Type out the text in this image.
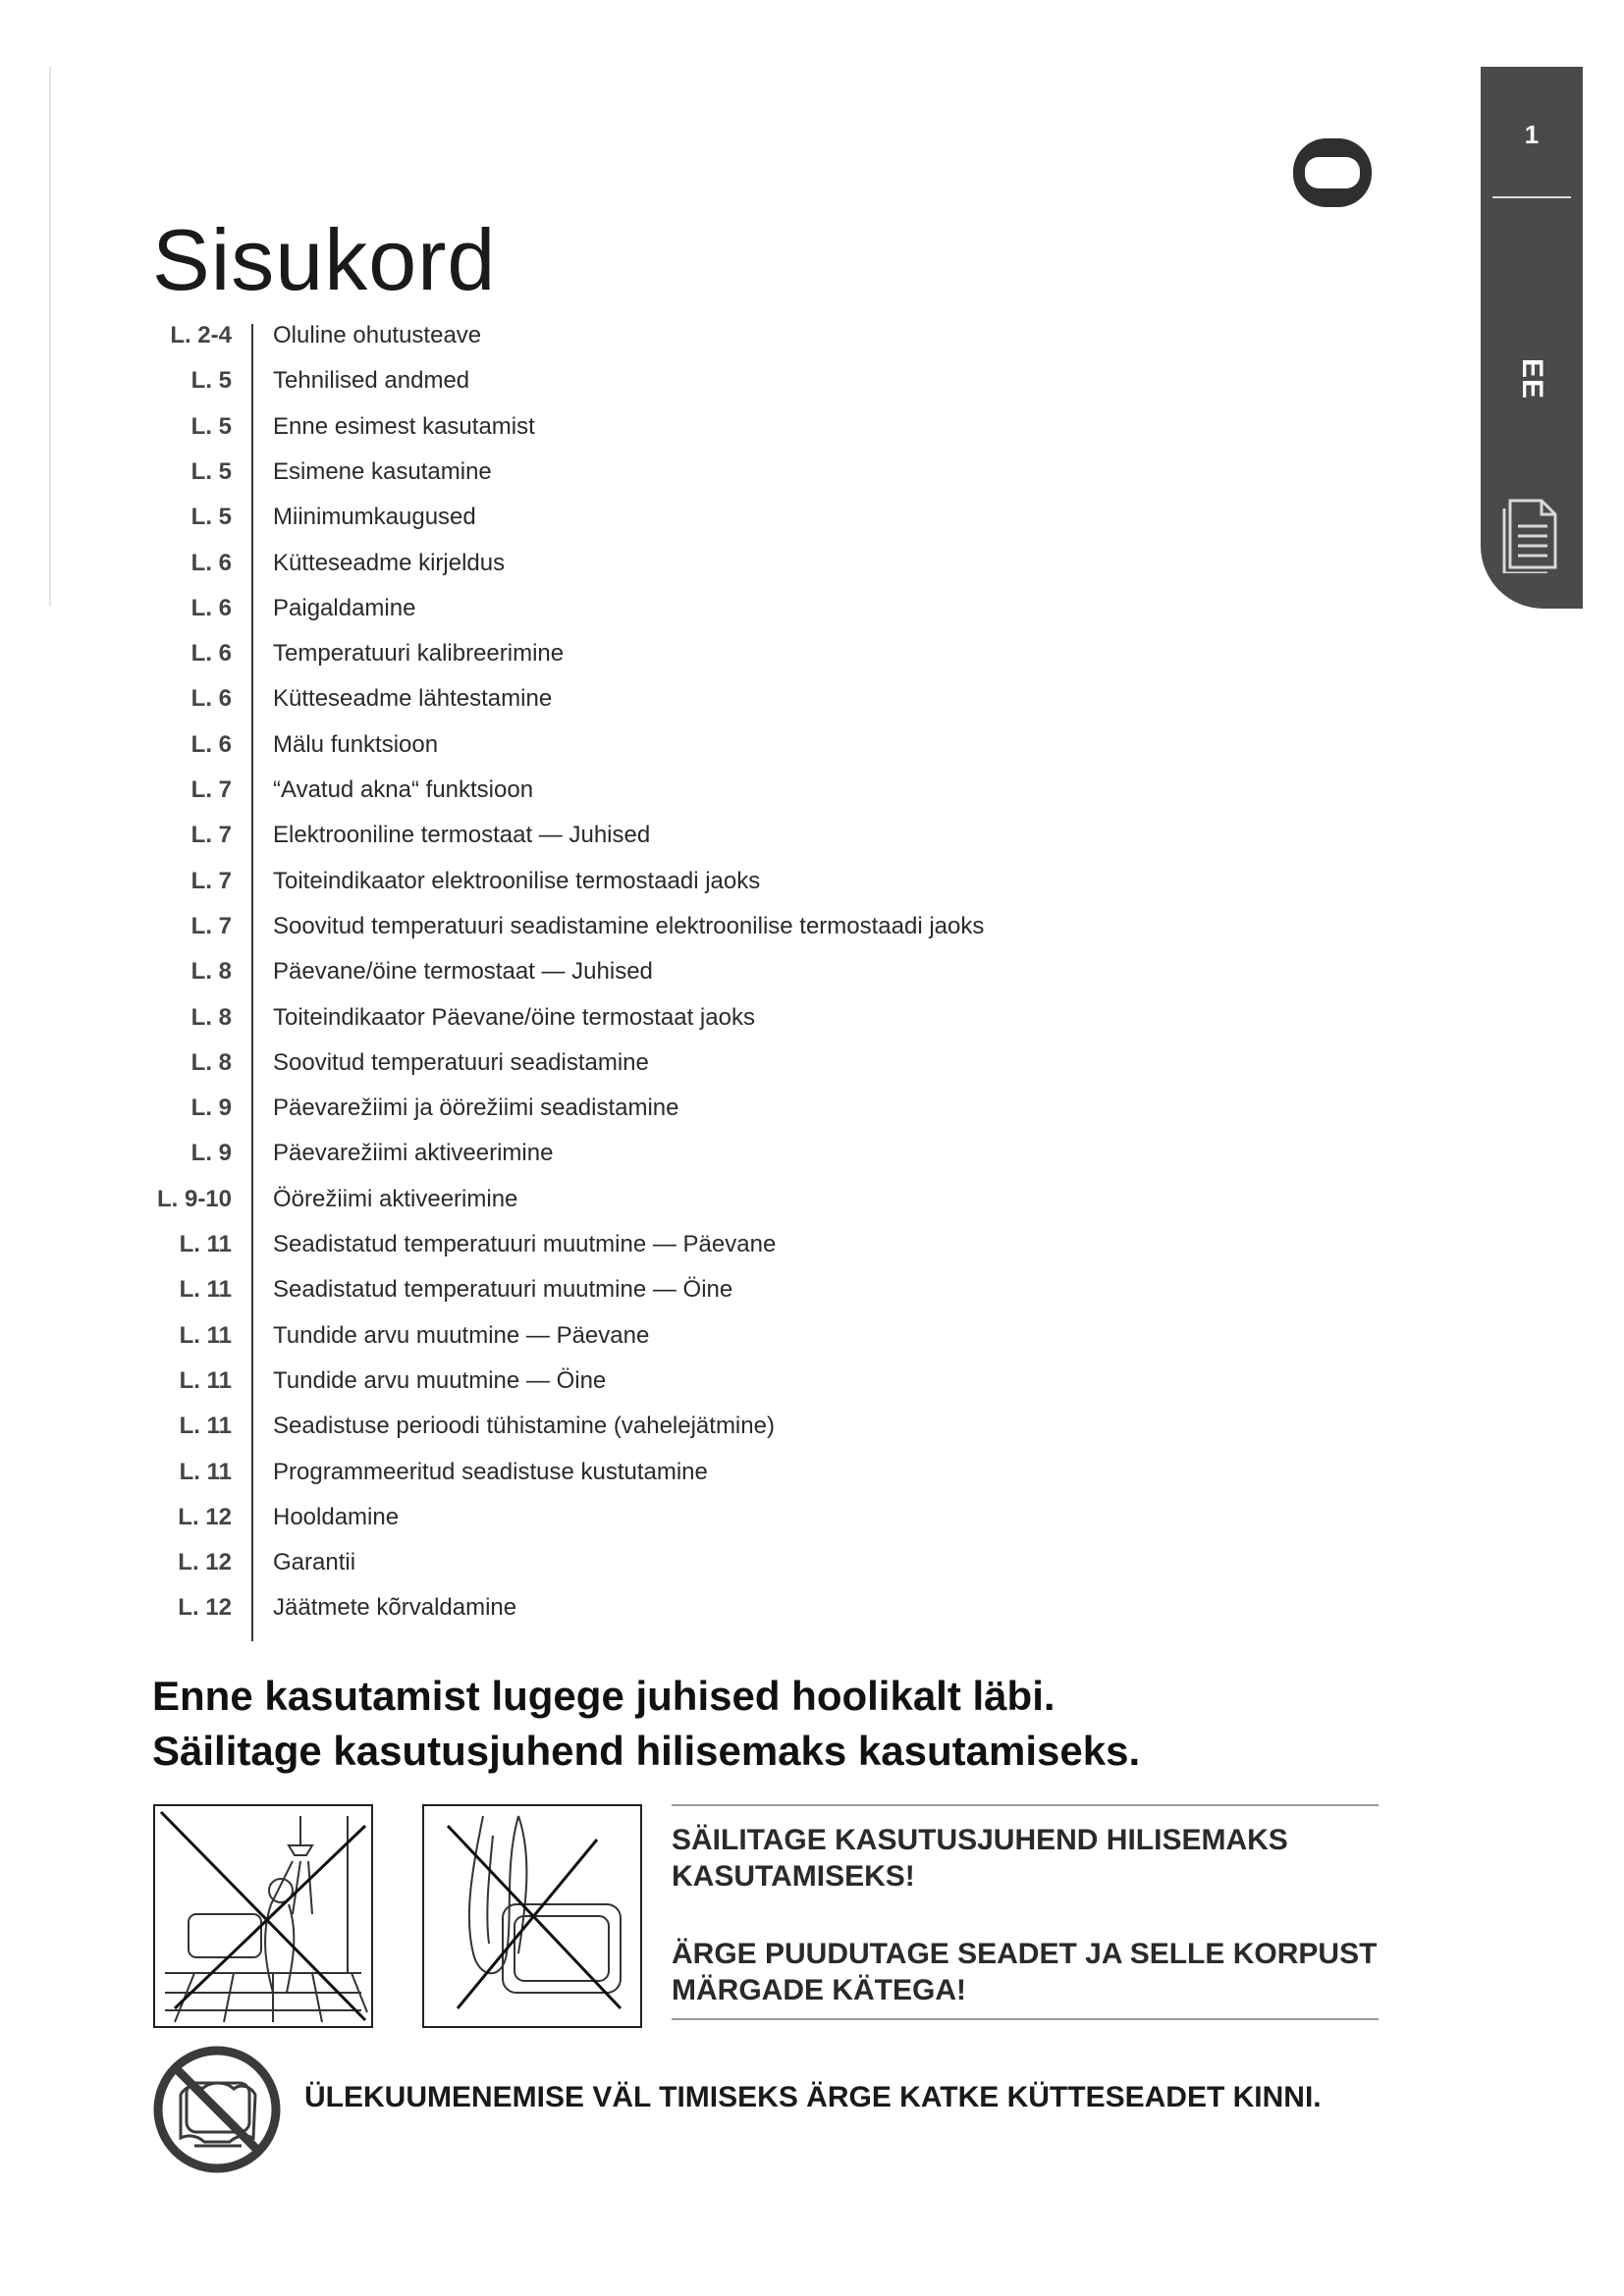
1
EE
Sisukord
L. 2-4 Oluline ohutusteave
L. 5 Tehnilised andmed
L. 5 Enne esimest kasutamist
L. 5 Esimene kasutamine
L. 5 Miinimumkaugused
L. 6 Kütteseadme kirjeldus
L. 6 Paigaldamine
L. 6 Temperatuuri kalibreerimine
L. 6 Kütteseadme lähtestamine
L. 6 Mälu funktsioon
L. 7 “Avatud akna“ funktsioon
L. 7 Elektrooniline termostaat — Juhised
L. 7 Toiteindikaator elektroonilise termostaadi jaoks
L. 7 Soovitud temperatuuri seadistamine elektroonilise termostaadi jaoks
L. 8 Päevane/öine termostaat — Juhised
L. 8 Toiteindikaator Päevane/öine termostaat jaoks
L. 8 Soovitud temperatuuri seadistamine
L. 9 Päevarežiimi ja öörežiimi seadistamine
L. 9 Päevarežiimi aktiveerimine
L. 9-10 Öörežiimi aktiveerimine
L. 11 Seadistatud temperatuuri muutmine — Päevane
L. 11 Seadistatud temperatuuri muutmine — Öine
L. 11 Tundide arvu muutmine — Päevane
L. 11 Tundide arvu muutmine — Öine
L. 11 Seadistuse perioodi tühistamine (vahelejätmine)
L. 11 Programmeeritud seadistuse kustutamine
L. 12 Hooldamine
L. 12 Garantii
L. 12 Jäätmete kõrvaldamine
Enne kasutamist lugege juhised hoolikalt läbi.
Säilitage kasutusjuhend hilisemaks kasutamiseks.
SÄILITAGE KASUTUSJUHEND HILISEMAKS KASUTAMISEKS!
ÄRGE PUUDUTAGE SEADET JA SELLE KORPUST MÄRGADE KÄTEGA!
ÜLEKUUMENEMISE VÄL TIMISEKS ÄRGE KATKE KÜTTESEADET KINNI.
